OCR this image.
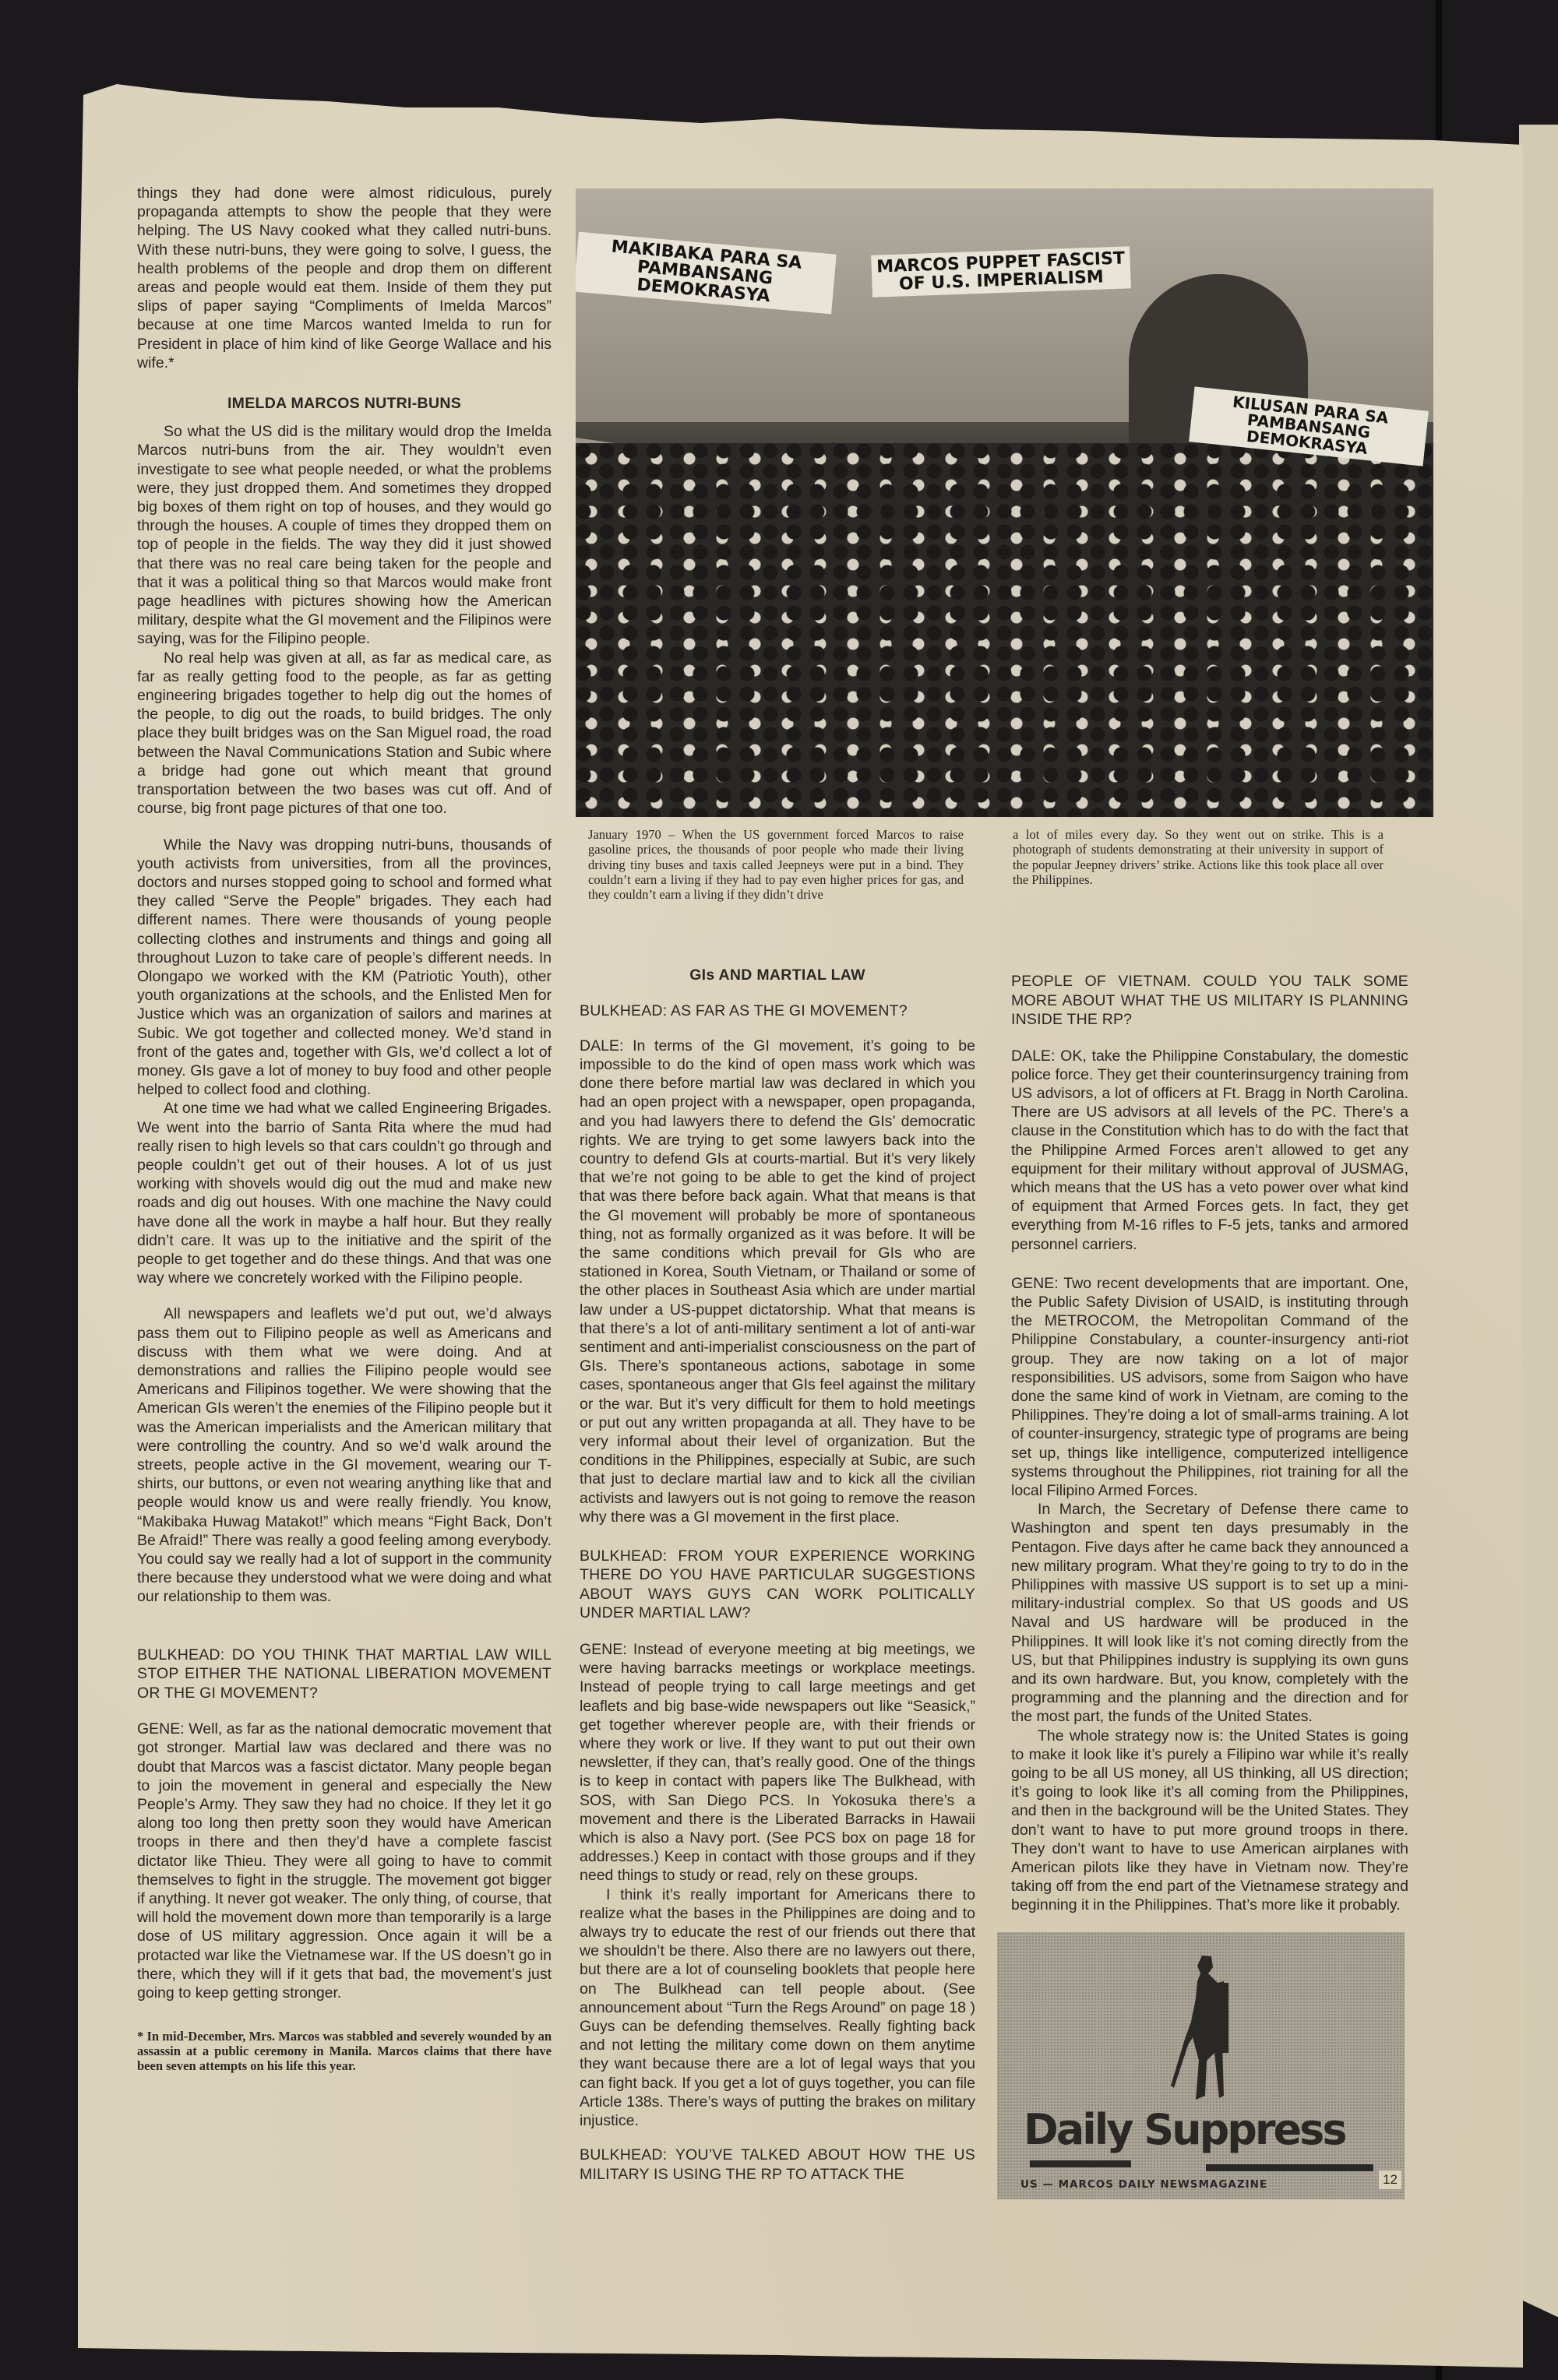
things they had done were almost ridiculous, purely propaganda attempts to show the people that they were helping. The US Navy cooked what they called nutri-buns. With these nutri-buns, they were going to solve, I guess, the health problems of the people and drop them on different areas and people would eat them. Inside of them they put slips of paper saying “Compliments of Imelda Marcos” because at one time Marcos wanted Imelda to run for President in place of him kind of like George Wallace and his wife.*

IMELDA MARCOS NUTRI-BUNS

So what the US did is the military would drop the Imelda Marcos nutri-buns from the air. They wouldn’t even investigate to see what people needed, or what the problems were, they just dropped them. And sometimes they dropped big boxes of them right on top of houses, and they would go through the houses. A couple of times they dropped them on top of people in the fields. The way they did it just showed that there was no real care being taken for the people and that it was a political thing so that Marcos would make front page headlines with pictures showing how the American military, despite what the GI movement and the Filipinos were saying, was for the Filipino people.

No real help was given at all, as far as medical care, as far as really getting food to the people, as far as getting engineering brigades together to help dig out the homes of the people, to dig out the roads, to build bridges. The only place they built bridges was on the San Miguel road, the road between the Naval Communications Station and Subic where a bridge had gone out which meant that ground transportation between the two bases was cut off. And of course, big front page pictures of that one too.

While the Navy was dropping nutri-buns, thousands of youth activists from universities, from all the provinces, doctors and nurses stopped going to school and formed what they called “Serve the People” brigades. They each had different names. There were thousands of young people collecting clothes and instruments and things and going all throughout Luzon to take care of people’s different needs. In Olongapo we worked with the KM (Patriotic Youth), other youth organizations at the schools, and the Enlisted Men for Justice which was an organization of sailors and marines at Subic. We got together and collected money. We’d stand in front of the gates and, together with GIs, we’d collect a lot of money. GIs gave a lot of money to buy food and other people helped to collect food and clothing.

At one time we had what we called Engineering Brigades. We went into the barrio of Santa Rita where the mud had really risen to high levels so that cars couldn’t go through and people couldn’t get out of their houses. A lot of us just working with shovels would dig out the mud and make new roads and dig out houses. With one machine the Navy could have done all the work in maybe a half hour. But they really didn’t care. It was up to the initiative and the spirit of the people to get together and do these things. And that was one way where we concretely worked with the Filipino people.

All newspapers and leaflets we’d put out, we’d always pass them out to Filipino people as well as Americans and discuss with them what we were doing. And at demonstrations and rallies the Filipino people would see Americans and Filipinos together. We were showing that the American GIs weren’t the enemies of the Filipino people but it was the American imperialists and the American military that were controlling the country. And so we’d walk around the streets, people active in the GI movement, wearing our T-shirts, our buttons, or even not wearing anything like that and people would know us and were really friendly. You know, “Makibaka Huwag Matakot!” which means “Fight Back, Don’t Be Afraid!” There was really a good feeling among everybody. You could say we really had a lot of support in the community there because they understood what we were doing and what our relationship to them was.

BULKHEAD: DO YOU THINK THAT MARTIAL LAW WILL STOP EITHER THE NATIONAL LIBERATION MOVEMENT OR THE GI MOVEMENT?

GENE: Well, as far as the national democratic movement that got stronger. Martial law was declared and there was no doubt that Marcos was a fascist dictator. Many people began to join the movement in general and especially the New People’s Army. They saw they had no choice. If they let it go along too long then pretty soon they would have American troops in there and then they’d have a complete fascist dictator like Thieu. They were all going to have to commit themselves to fight in the struggle. The movement got bigger if anything. It never got weaker. The only thing, of course, that will hold the movement down more than temporarily is a large dose of US military aggression. Once again it will be a protacted war like the Vietnamese war. If the US doesn’t go in there, which they will if it gets that bad, the movement’s just going to keep getting stronger.

* In mid-December, Mrs. Marcos was stabbled and severely wounded by an assassin at a public ceremony in Manila. Marcos claims that there have been seven attempts on his life this year.

MAKIBAKA PARA SA PAMBANSANG DEMOKRASYA
MARCOS PUPPET FASCIST OF U.S. IMPERIALISM
KILUSAN PARA SA PAMBANSANG DEMOKRASYA
January 1970 – When the US government forced Marcos to raise gasoline prices, the thousands of poor people who made their living driving tiny buses and taxis called Jeepneys were put in a bind. They couldn’t earn a living if they had to pay even higher prices for gas, and they couldn’t earn a living if they didn’t drive
a lot of miles every day. So they went out on strike. This is a photograph of students demonstrating at their university in support of the popular Jeepney drivers’ strike. Actions like this took place all over the Philippines.

GIs AND MARTIAL LAW

BULKHEAD: AS FAR AS THE GI MOVEMENT?

DALE: In terms of the GI movement, it’s going to be impossible to do the kind of open mass work which was done there before martial law was declared in which you had an open project with a newspaper, open propaganda, and you had lawyers there to defend the GIs’ democratic rights. We are trying to get some lawyers back into the country to defend GIs at courts-martial. But it’s very likely that we’re not going to be able to get the kind of project that was there before back again. What that means is that the GI movement will probably be more of spontaneous thing, not as formally organized as it was before. It will be the same conditions which prevail for GIs who are stationed in Korea, South Vietnam, or Thailand or some of the other places in Southeast Asia which are under martial law under a US-puppet dictatorship. What that means is that there’s a lot of anti-military sentiment a lot of anti-war sentiment and anti-imperialist consciousness on the part of GIs. There’s spontaneous actions, sabotage in some cases, spontaneous anger that GIs feel against the military or the war. But it’s very difficult for them to hold meetings or put out any written propaganda at all. They have to be very informal about their level of organization. But the conditions in the Philippines, especially at Subic, are such that just to declare martial law and to kick all the civilian activists and lawyers out is not going to remove the reason why there was a GI movement in the first place.

BULKHEAD: FROM YOUR EXPERIENCE WORKING THERE DO YOU HAVE PARTICULAR SUGGESTIONS ABOUT WAYS GUYS CAN WORK POLITICALLY UNDER MARTIAL LAW?

GENE: Instead of everyone meeting at big meetings, we were having barracks meetings or workplace meetings. Instead of people trying to call large meetings and get leaflets and big base-wide newspapers out like “Seasick,” get together wherever people are, with their friends or where they work or live. If they want to put out their own newsletter, if they can, that’s really good. One of the things is to keep in contact with papers like The Bulkhead, with SOS, with San Diego PCS. In Yokosuka there’s a movement and there is the Liberated Barracks in Hawaii which is also a Navy port. (See PCS box on page 18 for addresses.) Keep in contact with those groups and if they need things to study or read, rely on these groups.

I think it’s really important for Americans there to realize what the bases in the Philippines are doing and to always try to educate the rest of our friends out there that we shouldn’t be there. Also there are no lawyers out there, but there are a lot of counseling booklets that people here on The Bulkhead can tell people about. (See announcement about “Turn the Regs Around” on page 18 ) Guys can be defending themselves. Really fighting back and not letting the military come down on them anytime they want because there are a lot of legal ways that you can fight back. If you get a lot of guys together, you can file Article 138s. There’s ways of putting the brakes on military injustice.

BULKHEAD: YOU’VE TALKED ABOUT HOW THE US MILITARY IS USING THE RP TO ATTACK THE

PEOPLE OF VIETNAM. COULD YOU TALK SOME MORE ABOUT WHAT THE US MILITARY IS PLANNING INSIDE THE RP?

DALE: OK, take the Philippine Constabulary, the domestic police force. They get their counterinsurgency training from US advisors, a lot of officers at Ft. Bragg in North Carolina. There are US advisors at all levels of the PC. There’s a clause in the Constitution which has to do with the fact that the Philippine Armed Forces aren’t allowed to get any equipment for their military without approval of JUSMAG, which means that the US has a veto power over what kind of equipment that Armed Forces gets. In fact, they get everything from M-16 rifles to F-5 jets, tanks and armored personnel carriers.

GENE: Two recent developments that are important. One, the Public Safety Division of USAID, is instituting through the METROCOM, the Metropolitan Command of the Philippine Constabulary, a counter-insurgency anti-riot group. They are now taking on a lot of major responsibilities. US advisors, some from Saigon who have done the same kind of work in Vietnam, are coming to the Philippines. They’re doing a lot of small-arms training. A lot of counter-insurgency, strategic type of programs are being set up, things like intelligence, computerized intelligence systems throughout the Philippines, riot training for all the local Filipino Armed Forces.

In March, the Secretary of Defense there came to Washington and spent ten days presumably in the Pentagon. Five days after he came back they announced a new military program. What they’re going to try to do in the Philippines with massive US support is to set up a mini-military-industrial complex. So that US goods and US Naval and US hardware will be produced in the Philippines. It will look like it’s not coming directly from the US, but that Philippines industry is supplying its own guns and its own hardware. But, you know, completely with the programming and the planning and the direction and for the most part, the funds of the United States.

The whole strategy now is: the United States is going to make it look like it’s purely a Filipino war while it’s really going to be all US money, all US thinking, all US direction; it’s going to look like it’s all coming from the Philippines, and then in the background will be the United States. They don’t want to have to put more ground troops in there. They don’t want to have to use American airplanes with American pilots like they have in Vietnam now. They’re taking off from the end part of the Vietnamese strategy and beginning it in the Philippines. That’s more like it probably.

Daily Suppress
US — MARCOS DAILY NEWSMAGAZINE	12
